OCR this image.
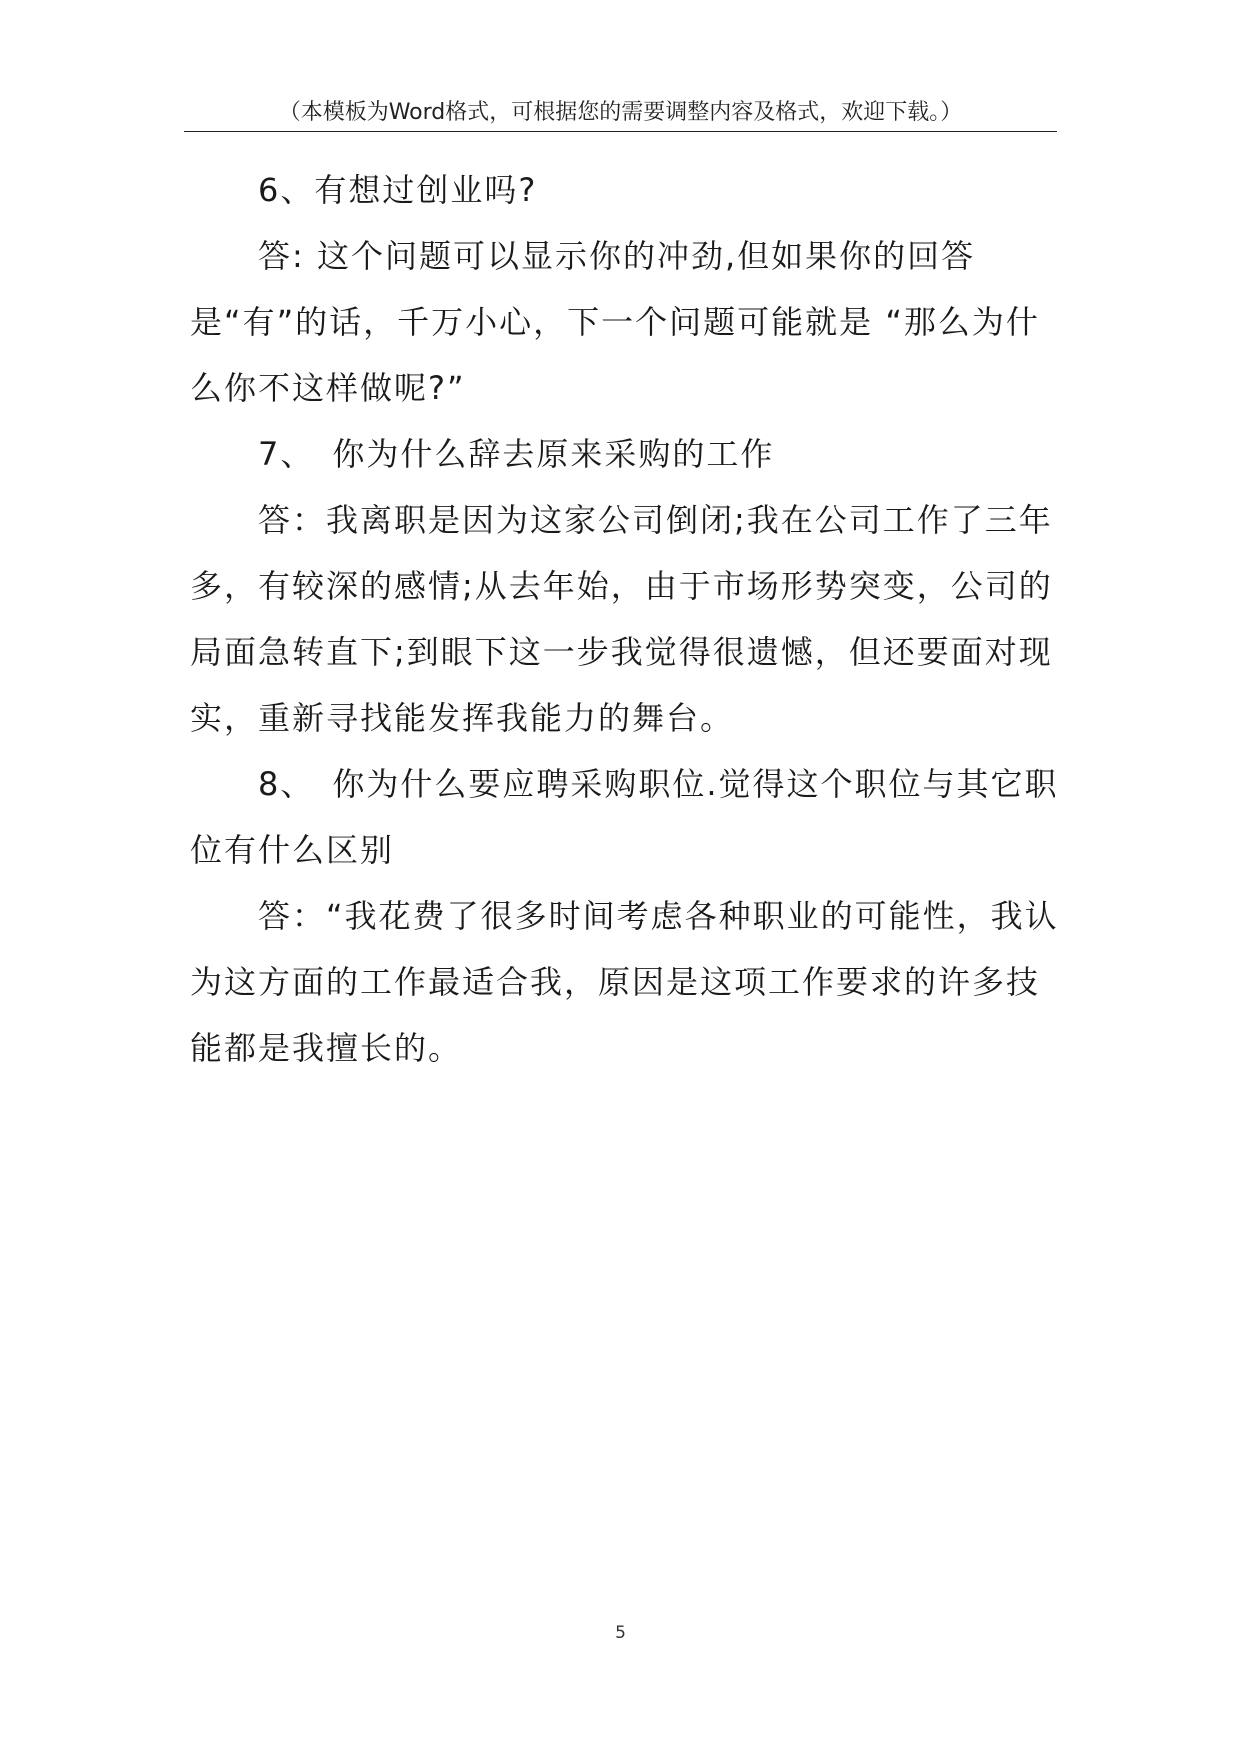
（本模板为Word格式，可根据您的需要调整内容及格式，欢迎下载。）

6、有想过创业吗?

答: 这个问题可以显示你的冲劲,但如果你的回答是“有”的话，千万小心，下一个问题可能就是 “那么为什么你不这样做呢?”

7、　你为什么辞去原来采购的工作

答：我离职是因为这家公司倒闭;我在公司工作了三年多，有较深的感情;从去年始，由于市场形势突变，公司的局面急转直下;到眼下这一步我觉得很遗憾，但还要面对现实，重新寻找能发挥我能力的舞台。

8、　你为什么要应聘采购职位.觉得这个职位与其它职位有什么区别

答：“我花费了很多时间考虑各种职业的可能性，我认为这方面的工作最适合我，原因是这项工作要求的许多技能都是我擅长的。

5
